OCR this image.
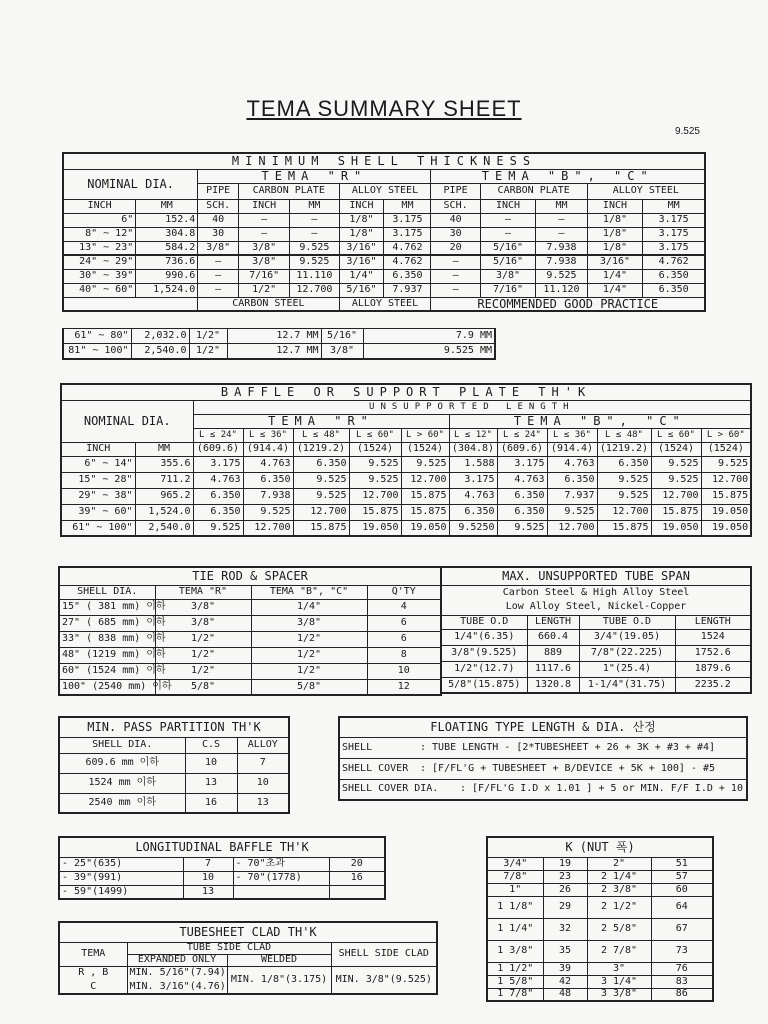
TEMA SUMMARY SHEET
9.525
MINIMUM SHELL THICKNESS											
NOMINAL DIA.		TEMA "R"					TEMA "B", "C"				
		PIPE	CARBON PLATE		ALLOY STEEL		PIPE	CARBON PLATE		ALLOY STEEL	
INCH	MM	SCH.	INCH	MM	INCH	MM	SCH.	INCH	MM	INCH	MM
6"	152.4	40	—	—	1/8"	3.175	40	—	—	1/8"	3.175
8" ~ 12"	304.8	30	—	—	1/8"	3.175	30	—	—	1/8"	3.175
13" ~ 23"	584.2	3/8"	3/8"	9.525	3/16"	4.762	20	5/16"	7.938	1/8"	3.175
24" ~ 29"	736.6	—	3/8"	9.525	3/16"	4.762	—	5/16"	7.938	3/16"	4.762
30" ~ 39"	990.6	—	7/16"	11.110	1/4"	6.350	—	3/8"	9.525	1/4"	6.350
40" ~ 60"	1,524.0	—	1/2"	12.700	5/16"	7.937	—	7/16"	11.120	1/4"	6.350
		CARBON STEEL			ALLOY STEEL		RECOMMENDED GOOD PRACTICE				
61" ~ 80"	2,032.0	1/2"	12.7 MM	5/16"	7.9 MM
81" ~ 100"	2,540.0	1/2"	12.7 MM	3/8"	9.525 MM
BAFFLE OR SUPPORT PLATE TH'K												
NOMINAL DIA.		UNSUPPORTED LENGTH										
		TEMA "R"					TEMA "B", "C"					
		L ≤ 24"	L ≤ 36"	L ≤ 48"	L ≤ 60"	L > 60"	L ≤ 12"	L ≤ 24"	L ≤ 36"	L ≤ 48"	L ≤ 60"	L > 60"
INCH	MM	(609.6)	(914.4)	(1219.2)	(1524)	(1524)	(304.8)	(609.6)	(914.4)	(1219.2)	(1524)	(1524)
6" ~ 14"	355.6	3.175	4.763	6.350	9.525	9.525	1.588	3.175	4.763	6.350	9.525	9.525
15" ~ 28"	711.2	4.763	6.350	9.525	9.525	12.700	3.175	4.763	6.350	9.525	9.525	12.700
29" ~ 38"	965.2	6.350	7.938	9.525	12.700	15.875	4.763	6.350	7.937	9.525	12.700	15.875
39" ~ 60"	1,524.0	6.350	9.525	12.700	15.875	15.875	6.350	6.350	9.525	12.700	15.875	19.050
61" ~ 100"	2,540.0	9.525	12.700	15.875	19.050	19.050	9.5250	9.525	12.700	15.875	19.050	19.050
TIE ROD & SPACER			
SHELL DIA.	TEMA "R"	TEMA "B", "C"	Q'TY
15" ( 381 mm) 이하	3/8"	1/4"	4
27" ( 685 mm) 이하	3/8"	3/8"	6
33" ( 838 mm) 이하	1/2"	1/2"	6
48" (1219 mm) 이하	1/2"	1/2"	8
60" (1524 mm) 이하	1/2"	1/2"	10
100" (2540 mm) 이하	5/8"	5/8"	12
MAX. UNSUPPORTED TUBE SPAN			
Carbon Steel & High Alloy Steel			
Low Alloy Steel, Nickel-Copper			
TUBE O.D	LENGTH	TUBE O.D	LENGTH
1/4"(6.35)	660.4	3/4"(19.05)	1524
3/8"(9.525)	889	7/8"(22.225)	1752.6
1/2"(12.7)	1117.6	1"(25.4)	1879.6
5/8"(15.875)	1320.8	1-1/4"(31.75)	2235.2
MIN. PASS PARTITION TH'K		
SHELL DIA.	C.S	ALLOY
609.6 mm 이하	10	7
1524 mm 이하	13	10
2540 mm 이하	16	13
FLOATING TYPE LENGTH & DIA. 산정
SHELL	: TUBE LENGTH - [2*TUBESHEET + 26 + 3K + #3 + #4]
SHELL COVER : [F/FL'G + TUBESHEET + B/DEVICE + 5K + 100] - #5
SHELL COVER DIA. : [F/FL'G I.D x 1.01 ] + 5 or MIN. F/F I.D + 10
LONGITUDINAL BAFFLE TH'K			
- 25"(635)	7	- 70"초과	20
- 39"(991)	10	- 70"(1778)	16
- 59"(1499)	13		
TUBESHEET CLAD TH'K			
TEMA	TUBE SIDE CLAD		SHELL SIDE CLAD
	EXPANDED ONLY	WELDED	
R , B	MIN. 5/16"(7.94)	MIN. 1/8"(3.175)	MIN. 3/8"(9.525)
C	MIN. 3/16"(4.76)		
K (NUT 폭)			
3/4"	19	2"	51
7/8"	23	2 1/4"	57
1"	26	2 3/8"	60
1 1/8"	29	2 1/2"	64
1 1/4"	32	2 5/8"	67
1 3/8"	35	2 7/8"	73
1 1/2"	39	3"	76
1 5/8"	42	3 1/4"	83
1 7/8"	48	3 3/8"	86
